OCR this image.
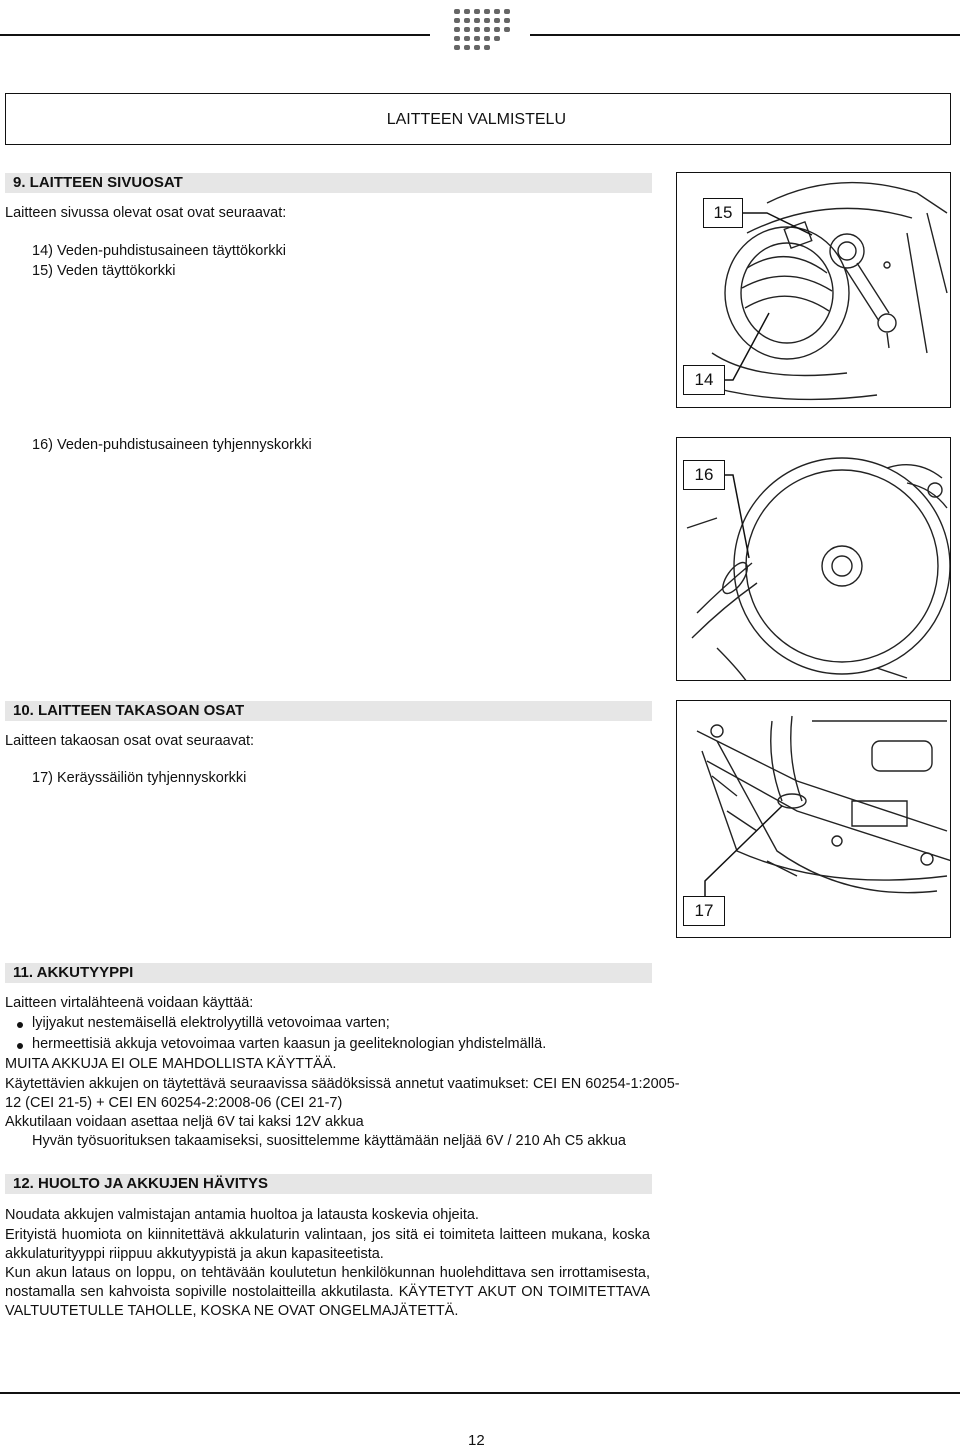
LAITTEEN VALMISTELU
9. LAITTEEN SIVUOSAT
Laitteen sivussa olevat osat ovat seuraavat:
14) Veden-puhdistusaineen täyttökorkki
15) Veden täyttökorkki
16) Veden-puhdistusaineen tyhjennyskorkki
15
14
16
10. LAITTEEN TAKASOAN OSAT
Laitteen takaosan osat ovat seuraavat:
17) Keräyssäiliön tyhjennyskorkki
17
11. AKKUTYYPPI
Laitteen virtalähteenä voidaan käyttää:
lyijyakut nestemäisellä elektrolyytillä vetovoimaa varten;
hermeettisiä akkuja vetovoimaa varten kaasun ja geeliteknologian yhdistelmällä.
MUITA AKKUJA EI OLE MAHDOLLISTA KÄYTTÄÄ.
Käytettävien akkujen on täytettävä seuraavissa säädöksissä annetut vaatimukset: CEI EN 60254-1:2005-
12 (CEI 21-5) + CEI EN 60254-2:2008-06 (CEI 21-7)
Akkutilaan voidaan asettaa neljä 6V tai kaksi 12V akkua
Hyvän työsuorituksen takaamiseksi, suosittelemme käyttämään neljää 6V / 210 Ah C5 akkua
12. HUOLTO JA AKKUJEN HÄVITYS
Noudata akkujen valmistajan antamia huoltoa ja latausta koskevia ohjeita.
Erityistä huomiota on kiinnitettävä akkulaturin valintaan, jos sitä ei toimiteta laitteen mukana, koska akkulaturityyppi riippuu akkutyypistä ja akun kapasiteetista.
Kun akun lataus on loppu, on tehtävään koulutetun henkilökunnan huolehdittava sen irrottamisesta, nostamalla sen kahvoista sopiville nostolaitteilla akkutilasta. KÄYTETYT AKUT ON TOIMITETTAVA VALTUUTETULLE TAHOLLE, KOSKA NE OVAT ONGELMAJÄTETTÄ.
12
